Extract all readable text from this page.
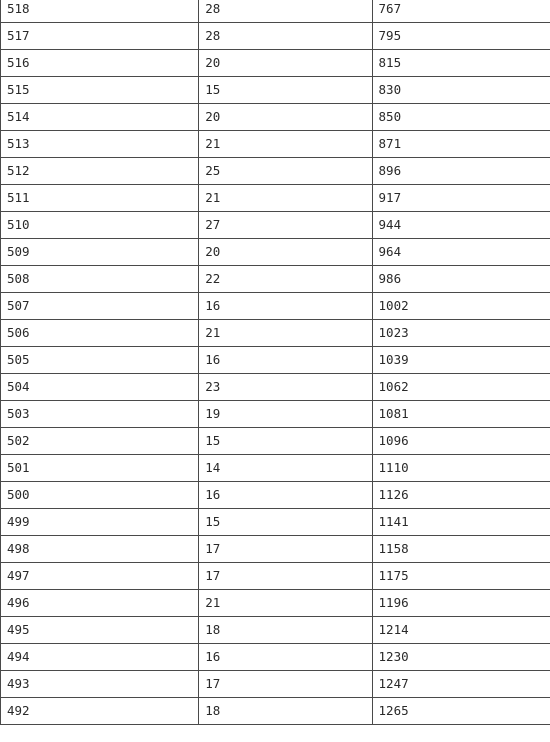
518	28	767
517	28	795
516	20	815
515	15	830
514	20	850
513	21	871
512	25	896
511	21	917
510	27	944
509	20	964
508	22	986
507	16	1002
506	21	1023
505	16	1039
504	23	1062
503	19	1081
502	15	1096
501	14	1110
500	16	1126
499	15	1141
498	17	1158
497	17	1175
496	21	1196
495	18	1214
494	16	1230
493	17	1247
492	18	1265
